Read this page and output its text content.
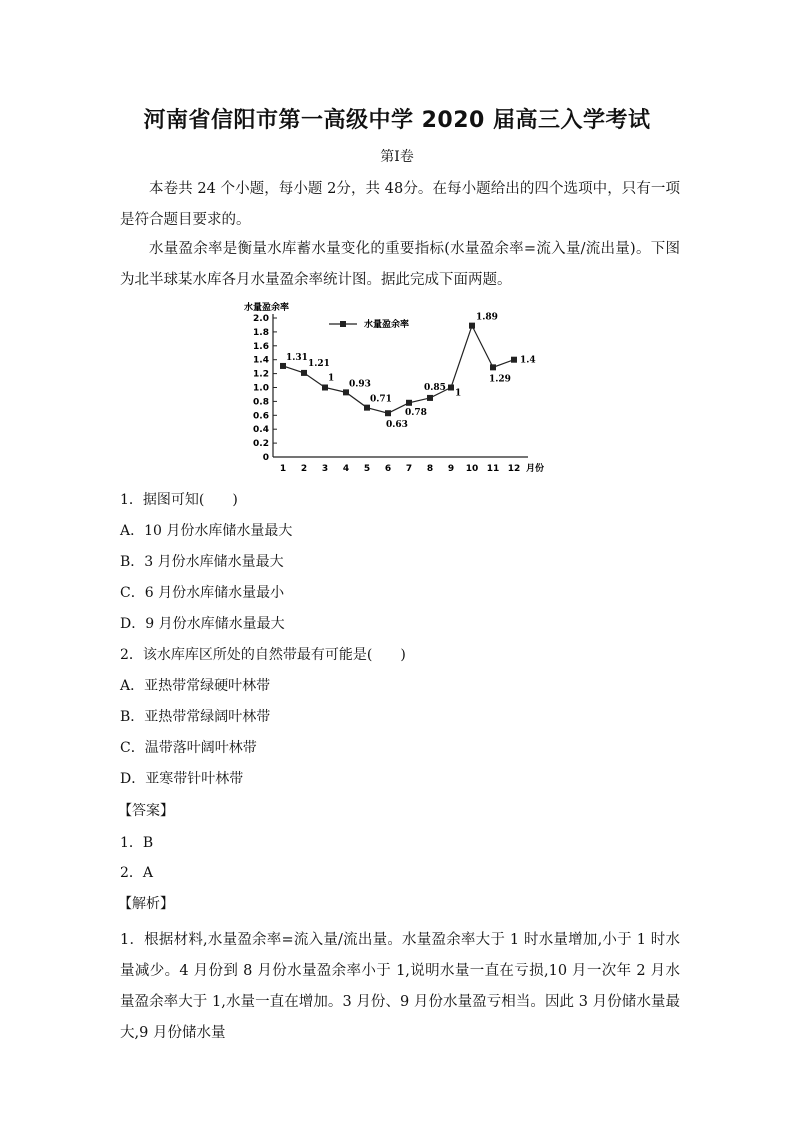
河南省信阳市第一高级中学 2020 届高三入学考试
第Ⅰ卷
本卷共 24 个小题，每小题 2分，共 48分。在每小题给出的四个选项中，只有一项是符合题目要求的。
水量盈余率是衡量水库蓄水量变化的重要指标(水量盈余率=流入量/流出量)。下图为北半球某水库各月水量盈余率统计图。据此完成下面两题。
水量盈余率
0
0.2
0.4
0.6
0.8
1.0
1.2
1.4
1.6
1.8
2.0
1 2 3 4 5 6 7 8 9 10 11 12 月份
1.31
1.21
1
0.93
0.71
0.63
0.78
0.85
1
1.89
1.29
1.4
水量盈余率
1．据图可知(　　)
A．10 月份水库储水量最大
B．3 月份水库储水量最大
C．6 月份水库储水量最小
D．9 月份水库储水量最大
2．该水库库区所处的自然带最有可能是(　　)
A．亚热带常绿硬叶林带
B．亚热带常绿阔叶林带
C．温带落叶阔叶林带
D．亚寒带针叶林带
【答案】
1．B
2．A
【解析】
1．根据材料,水量盈余率=流入量/流出量。水量盈余率大于 1 时水量增加,小于 1 时水量减少。4 月份到 8 月份水量盈余率小于 1,说明水量一直在亏损,10 月一次年 2 月水量盈余率大于 1,水量一直在增加。3 月份、9 月份水量盈亏相当。因此 3 月份储水量最大,9 月份储水量
